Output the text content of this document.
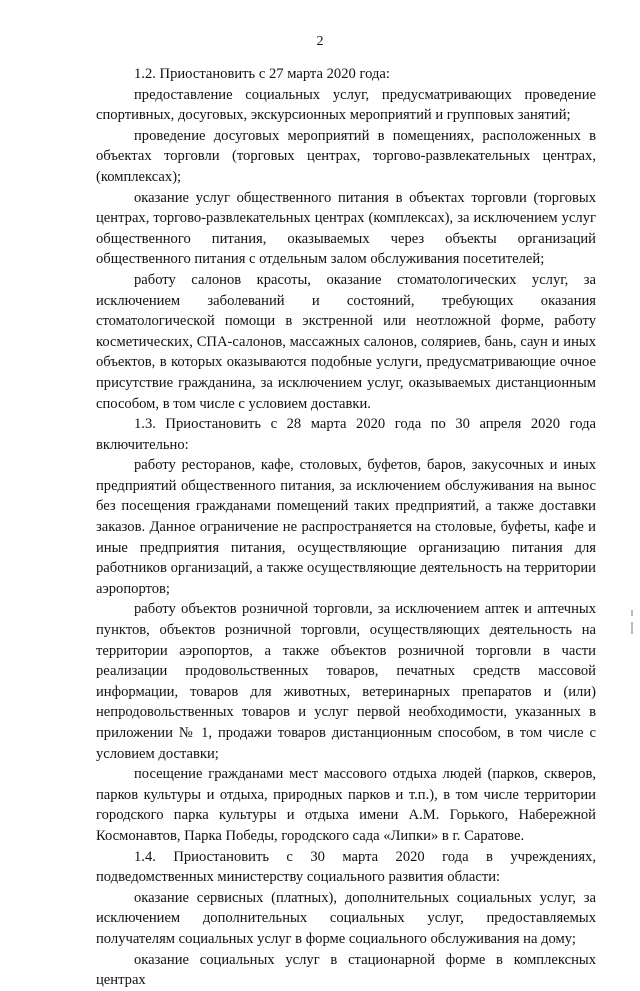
2

1.2. Приостановить с 27 марта 2020 года:

предоставление социальных услуг, предусматривающих проведение спортивных, досуговых, экскурсионных мероприятий и групповых занятий;

проведение досуговых мероприятий в помещениях, расположенных в объектах торговли (торговых центрах, торгово-развлекательных центрах, (комплексах);

оказание услуг общественного питания в объектах торговли (торговых центрах, торгово-развлекательных центрах (комплексах), за исключением услуг общественного питания, оказываемых через объекты организаций общественного питания с отдельным залом обслуживания посетителей;

работу салонов красоты, оказание стоматологических услуг, за исключением заболеваний и состояний, требующих оказания стоматологической помощи в экстренной или неотложной форме, работу косметических, СПА-салонов, массажных салонов, соляриев, бань, саун и иных объектов, в которых оказываются подобные услуги, предусматривающие очное присутствие гражданина, за исключением услуг, оказываемых дистанционным способом, в том числе с условием доставки.

1.3. Приостановить с 28 марта 2020 года по 30 апреля 2020 года включительно:

работу ресторанов, кафе, столовых, буфетов, баров, закусочных и иных предприятий общественного питания, за исключением обслуживания на вынос без посещения гражданами помещений таких предприятий, а также доставки заказов. Данное ограничение не распространяется на столовые, буфеты, кафе и иные предприятия питания, осуществляющие организацию питания для работников организаций, а также осуществляющие деятельность на территории аэропортов;

работу объектов розничной торговли, за исключением аптек и аптечных пунктов, объектов розничной торговли, осуществляющих деятельность на территории аэропортов, а также объектов розничной торговли в части реализации продовольственных товаров, печатных средств массовой информации, товаров для животных, ветеринарных препаратов и (или) непродовольственных товаров и услуг первой необходимости, указанных в приложении № 1, продажи товаров дистанционным способом, в том числе с условием доставки;

посещение гражданами мест массового отдыха людей (парков, скверов, парков культуры и отдыха, природных парков и т.п.), в том числе территории городского парка культуры и отдыха имени А.М. Горького, Набережной Космонавтов, Парка Победы, городского сада «Липки» в г. Саратове.

1.4. Приостановить с 30 марта 2020 года в учреждениях, подведомственных министерству социального развития области:

оказание сервисных (платных), дополнительных социальных услуг, за исключением дополнительных социальных услуг, предоставляемых получателям социальных услуг в форме социального обслуживания на дому;

оказание социальных услуг в стационарной форме в комплексных центрах
